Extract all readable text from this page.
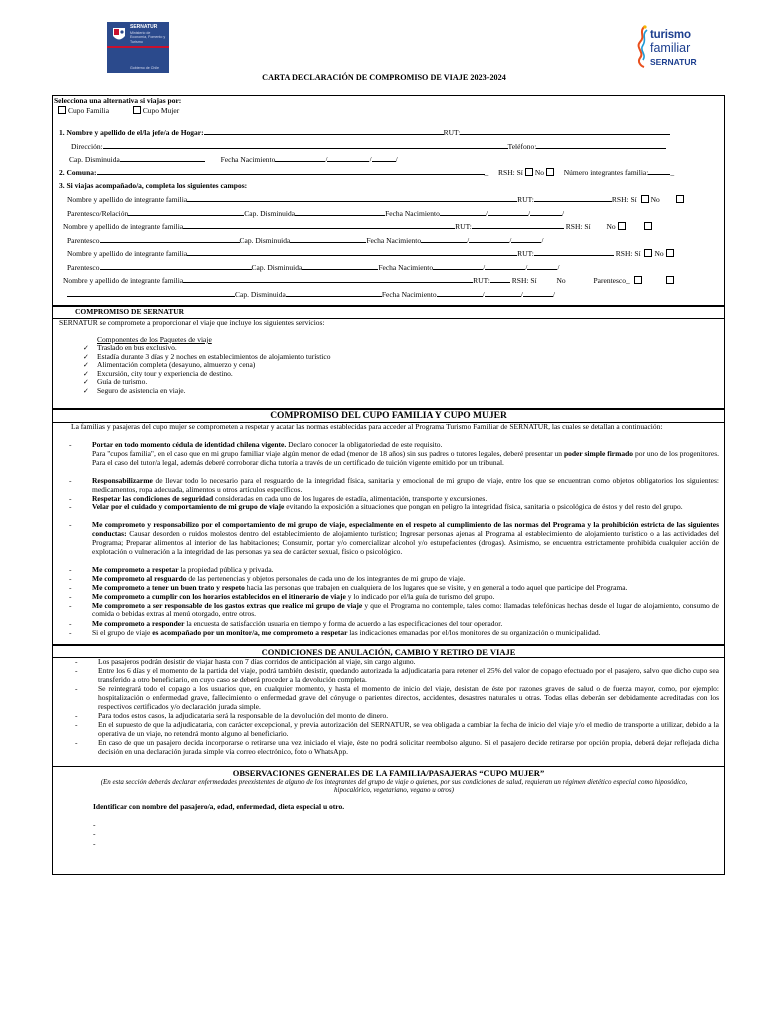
SERNATUR
Ministerio de Economía, Fomento y Turismo
Gobierno de Chile
turismo
familiar
SERNATUR
CARTA DECLARACIÓN DE COMPROMISO DE VIAJE 2023-2024
Selecciona una alternativa si viajas por:
Cupo Familia	Cupo Mujer
1. Nombre y apellido de el/la jefe/a de Hogar:	RUT:
Dirección:	Teléfono:
Cap. Disminuida	Fecha Nacimiento	/	/	/
2. Comuna:	_ RSH: Sí No	Número integrantes familia:	_
3. Si viajas acompañado/a, completa los siguientes campos:
Nombre y apellido de integrante familia	RUT:	RSH: Sí No
Parentesco/Relación	Cap. Disminuida	Fecha Nacimiento	/	/	/
Nombre y apellido de integrante familia	RUT:	RSH: Sí No
Parentesco	Cap. Disminuida	Fecha Nacimiento	/	/	/
Nombre y apellido de integrante familia	RUT:	RSH: Sí No
Parentesco	Cap. Disminuida	Fecha Nacimiento	/	/	/
Nombre y apellido de integrante familia	RUT:	RSH: Sí	No	Parentesco_
Cap. Disminuida	Fecha Nacimiento	/	/	/
COMPROMISO DE SERNATUR
SERNATUR se compromete a proporcionar el viaje que incluye los siguientes servicios:
Componentes de los Paquetes de viaje
✓ Traslado en bus exclusivo.
✓ Estadía durante 3 días y 2 noches en establecimientos de alojamiento turístico
✓ Alimentación completa (desayuno, almuerzo y cena)
✓ Excursión, city tour y experiencia de destino.
✓ Guía de turismo.
✓ Seguro de asistencia en viaje.
COMPROMISO DEL CUPO FAMILIA Y CUPO MUJER
La familias y pasajeras del cupo mujer se comprometen a respetar y acatar las normas establecidas para acceder al Programa Turismo Familiar de SERNATUR, las cuales se detallan a continuación:
-	Portar en todo momento cédula de identidad chilena vigente. Declaro conocer la obligatoriedad de este requisito.
Para "cupos familia", en el caso que en mi grupo familiar viaje algún menor de edad (menor de 18 años) sin sus padres o tutores legales, deberé presentar un poder simple firmado por uno de los progenitores. Para el caso del tutor/a legal, además deberé corroborar dicha tutoría a través de un certificado de tuición vigente emitido por un tribunal.
-	Responsabilizarme de llevar todo lo necesario para el resguardo de la integridad física, sanitaria y emocional de mi grupo de viaje, entre los que se encuentran como objetos obligatorios los siguientes: medicamentos, ropa adecuada, alimentos u otros artículos específicos.
-	Respetar las condiciones de seguridad consideradas en cada uno de los lugares de estadía, alimentación, transporte y excursiones.
-	Velar por el cuidado y comportamiento de mi grupo de viaje evitando la exposición a situaciones que pongan en peligro la integridad física, sanitaria o psicológica de éstos y del resto del grupo.
-	Me comprometo y responsabilizo por el comportamiento de mi grupo de viaje, especialmente en el respeto al cumplimiento de las normas del Programa y la prohibición estricta de las siguientes conductas: Causar desorden o ruidos molestos dentro del establecimiento de alojamiento turístico; Ingresar personas ajenas al Programa al establecimiento de alojamiento turístico o a las actividades del Programa; Preparar alimentos al interior de las habitaciones; Consumir, portar y/o comercializar alcohol y/o estupefacientes (drogas). Asimismo, se encuentra estrictamente prohibida cualquier acción de explotación o vulneración a la integridad de las personas ya sea de carácter sexual, físico o psicológico.
-	Me comprometo a respetar la propiedad pública y privada.
-	Me comprometo al resguardo de las pertenencias y objetos personales de cada uno de los integrantes de mi grupo de viaje.
-	Me comprometo a tener un buen trato y respeto hacia las personas que trabajen en cualquiera de los lugares que se visite, y en general a todo aquel que participe del Programa.
-	Me comprometo a cumplir con los horarios establecidos en el itinerario de viaje y lo indicado por el/la guía de turismo del grupo.
-	Me comprometo a ser responsable de los gastos extras que realice mi grupo de viaje y que el Programa no contemple, tales como: llamadas telefónicas hechas desde el lugar de alojamiento, consumo de comida o bebidas extras al menú otorgado, entre otros.
-	Me comprometo a responder la encuesta de satisfacción usuaria en tiempo y forma de acuerdo a las especificaciones del tour operador.
-	Si el grupo de viaje es acompañado por un monitor/a, me comprometo a respetar las indicaciones emanadas por el/los monitores de su organización o municipalidad.
CONDICIONES DE ANULACIÓN, CAMBIO Y RETIRO DE VIAJE
-	Los pasajeros podrán desistir de viajar hasta con 7 días corridos de anticipación al viaje, sin cargo alguno.
-	Entre los 6 días y el momento de la partida del viaje, podrá también desistir, quedando autorizada la adjudicataria para retener el 25% del valor de copago efectuado por el pasajero, salvo que dicho cupo sea transferido a otro beneficiario, en cuyo caso se deberá proceder a la devolución completa.
-	Se reintegrará todo el copago a los usuarios que, en cualquier momento, y hasta el momento de inicio del viaje, desistan de éste por razones graves de salud o de fuerza mayor, como, por ejemplo: hospitalización o enfermedad grave, fallecimiento o enfermedad grave del cónyuge o parientes directos, accidentes, desastres naturales u otras. Todas ellas deberán ser debidamente acreditadas con los respectivos certificados y/o declaración jurada simple.
-	Para todos estos casos, la adjudicataria será la responsable de la devolución del monto de dinero.
-	En el supuesto de que la adjudicataria, con carácter excepcional, y previa autorización del SERNATUR, se vea obligada a cambiar la fecha de inicio del viaje y/o el medio de transporte a utilizar, debido a la operativa de un viaje, no retendrá monto alguno al beneficiario.
-	En caso de que un pasajero decida incorporarse o retirarse una vez iniciado el viaje, éste no podrá solicitar reembolso alguno. Si el pasajero decide retirarse por opción propia, deberá dejar reflejada dicha decisión en una declaración jurada simple vía correo electrónico, foto o WhatsApp.
OBSERVACIONES GENERALES DE LA FAMILIA/PASAJERAS “CUPO MUJER”
(En esta sección deberás declarar enfermedades preexistentes de alguno de los integrantes del grupo de viaje o quienes, por sus condiciones de salud, requieran un régimen dietético especial como hiposódico, hipocalórico, vegetariano, vegano u otros)
Identificar con nombre del pasajero/a, edad, enfermedad, dieta especial u otro.
-
-
-
